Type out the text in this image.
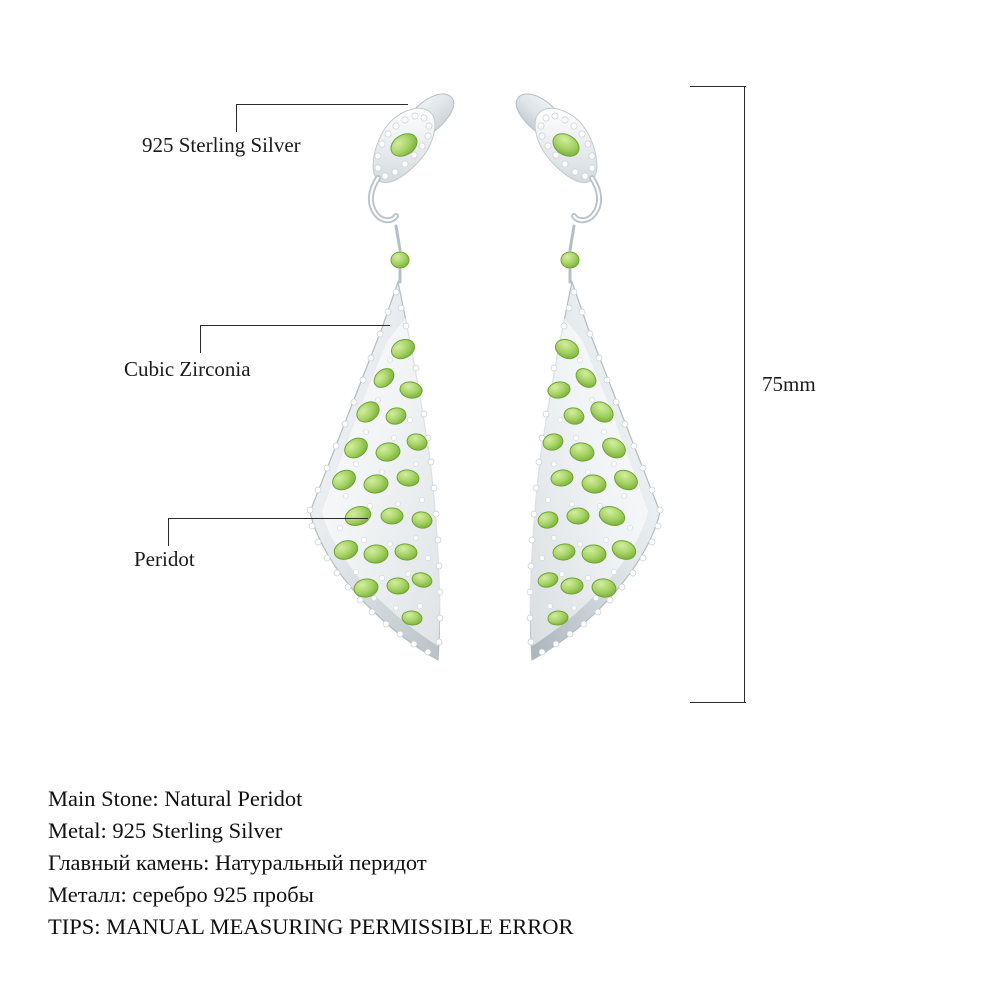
925 Sterling Silver
Cubic Zirconia
Peridot
75mm
Main Stone: Natural Peridot
Metal: 925 Sterling Silver
Главный камень: Натуральный перидот
Металл: серебро 925 пробы
TIPS: MANUAL MEASURING PERMISSIBLE ERROR
